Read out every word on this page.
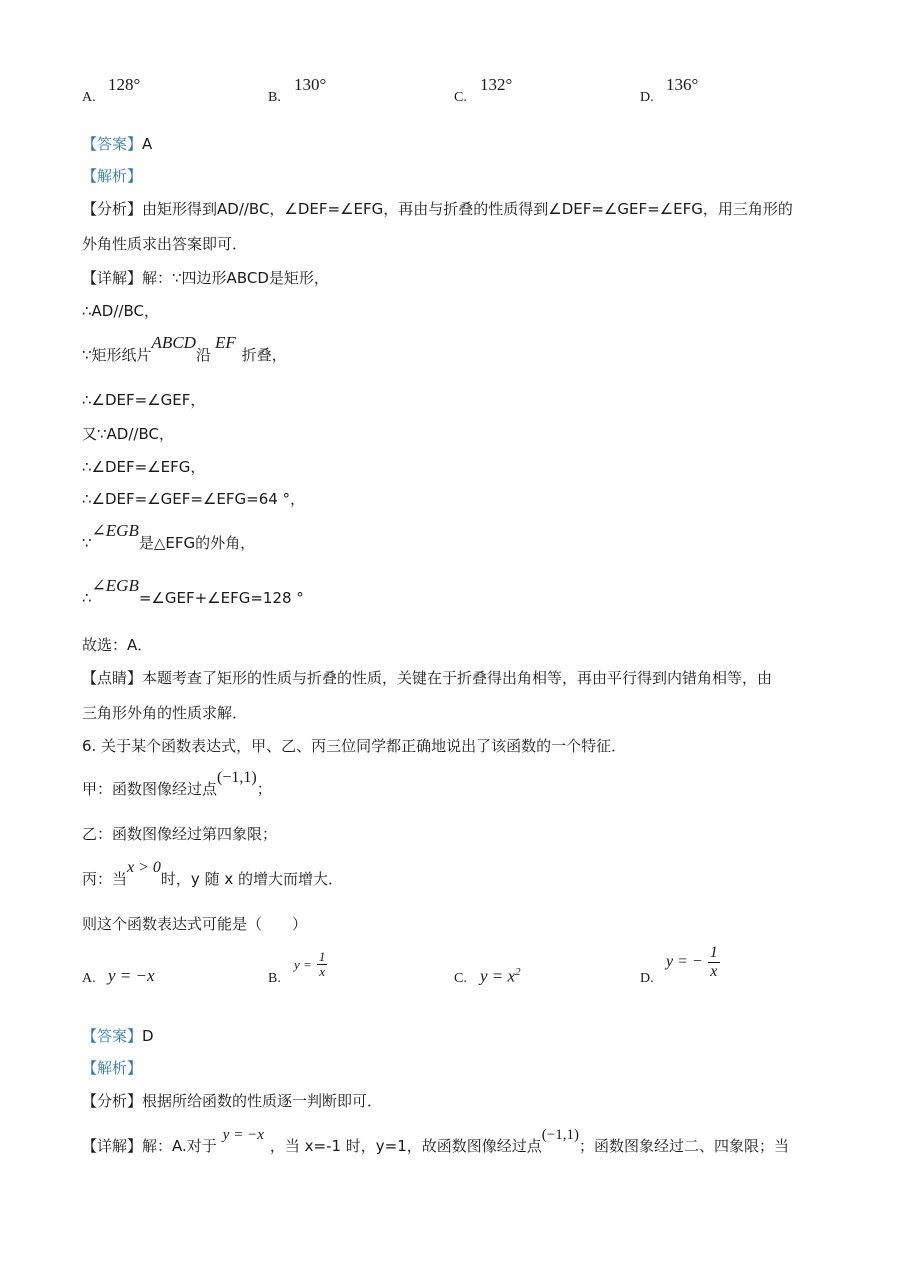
A.
128°
B.
130°
C.
132°
D.
136°
【答案】A
【解析】
【分析】由矩形得到AD//BC，∠DEF=∠EFG，再由与折叠的性质得到∠DEF=∠GEF=∠EFG，用三角形的
外角性质求出答案即可．
【详解】解：∵四边形ABCD是矩形，
∴AD//BC，
∵矩形纸片ABCD沿EF折叠，
∴∠DEF=∠GEF，
又∵AD//BC，
∴∠DEF=∠EFG，
∴∠DEF=∠GEF=∠EFG=64 °，
∵∠EGB是△EFG的外角，
∴∠EGB=∠GEF+∠EFG=128 °
故选：A．
【点睛】本题考查了矩形的性质与折叠的性质，关键在于折叠得出角相等，再由平行得到内错角相等，由
三角形外角的性质求解．
6. 关于某个函数表达式，甲、乙、丙三位同学都正确地说出了该函数的一个特征．
甲：函数图像经过点(−1,1)；
乙：函数图像经过第四象限；
丙：当x > 0时，y 随 x 的增大而增大．
则这个函数表达式可能是（　　）
A. y = −x	B.
$y = \frac{1}{x}$	C. $y = x^2$	D.
y = − $\frac{1}{x}$
【答案】D
【解析】
【分析】根据所给函数的性质逐一判断即可．
【详解】解：A.对于y = −x，当 x=-1 时，y=1，故函数图像经过点(−1,1)；函数图象经过二、四象限；当
